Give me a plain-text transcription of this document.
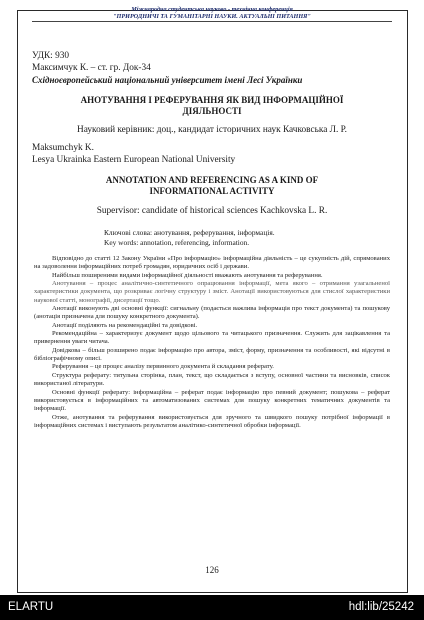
Міжнародна студентська науково - технічна конференція
"ПРИРОДНИЧІ ТА ГУМАНІТАРНІ НАУКИ. АКТУАЛЬНІ ПИТАННЯ"
УДК: 930
Максимчук К. – ст. гр. Док-34
Східноєвропейський національний університет імені Лесі Українки
АНОТУВАННЯ І РЕФЕРУВАННЯ ЯК ВИД ІНФОРМАЦІЙНОЇ
ДІЯЛЬНОСТІ
Науковий керівник: доц., кандидат історичних наук Качковська Л. Р.
Maksumchyk K.
Lesya Ukrainka Eastern European National University
ANNOTATION AND REFERENCING AS A KIND OF
INFORMATIONAL ACTIVITY
Supervisor: candidate of historical sciences Kachkovska L. R.
Ключові слова: анотування, реферування, інформація.
Key words: annotation, referencing, information.

Відповідно до статті 12 Закону України «Про інформацію» інформаційна діяльність – це сукупність дій, спрямованих на задоволення інформаційних потреб громадян, юридичних осіб і держави.

Найбільш поширеними видами інформаційної діяльності вважають анотування та реферування.

Анотування – процес аналітично-синтетичного опрацювання інформації, мета якого – отримання узагальненої характеристики документа, що розкриває логічну структуру і зміст. Анотації використовуються для стислої характеристики наукової статті, монографії, дисертації тощо.

Анотації виконують дві основні функції: сигнальну (подається важлива інформація про текст документа) та пошукову (анотація призначена для пошуку конкретного документа).

Анотації поділяють на рекомендаційні та довідкові.

Рекомендаційна – характеризує документ щодо цільового та читацького призначення. Служить для зацікавлення та привернення уваги читача.

Довідкова – більш розширено подає інформацію про автора, зміст, форму, призначення та особливості, які відсутні в бібліографічному описі.

Реферування – це процес аналізу первинного документа й складання реферату.

Структура реферату: титульна сторінка, план, текст, що складається з вступу, основної частини та висновків, список використаної літератури.

Основні функції реферату: інформаційна – реферат подає інформацію про певний документ; пошукова – реферат використовується в інформаційних та автоматизованих системах для пошуку конкретних тематичних документів та інформації.

Отже, анотування та реферування використовується для зручного та швидкого пошуку потрібної інформації в інформаційних системах і виступають результатом аналітико-синтетичної обробки інформації.

126
ELARTU	hdl:lib/25242
